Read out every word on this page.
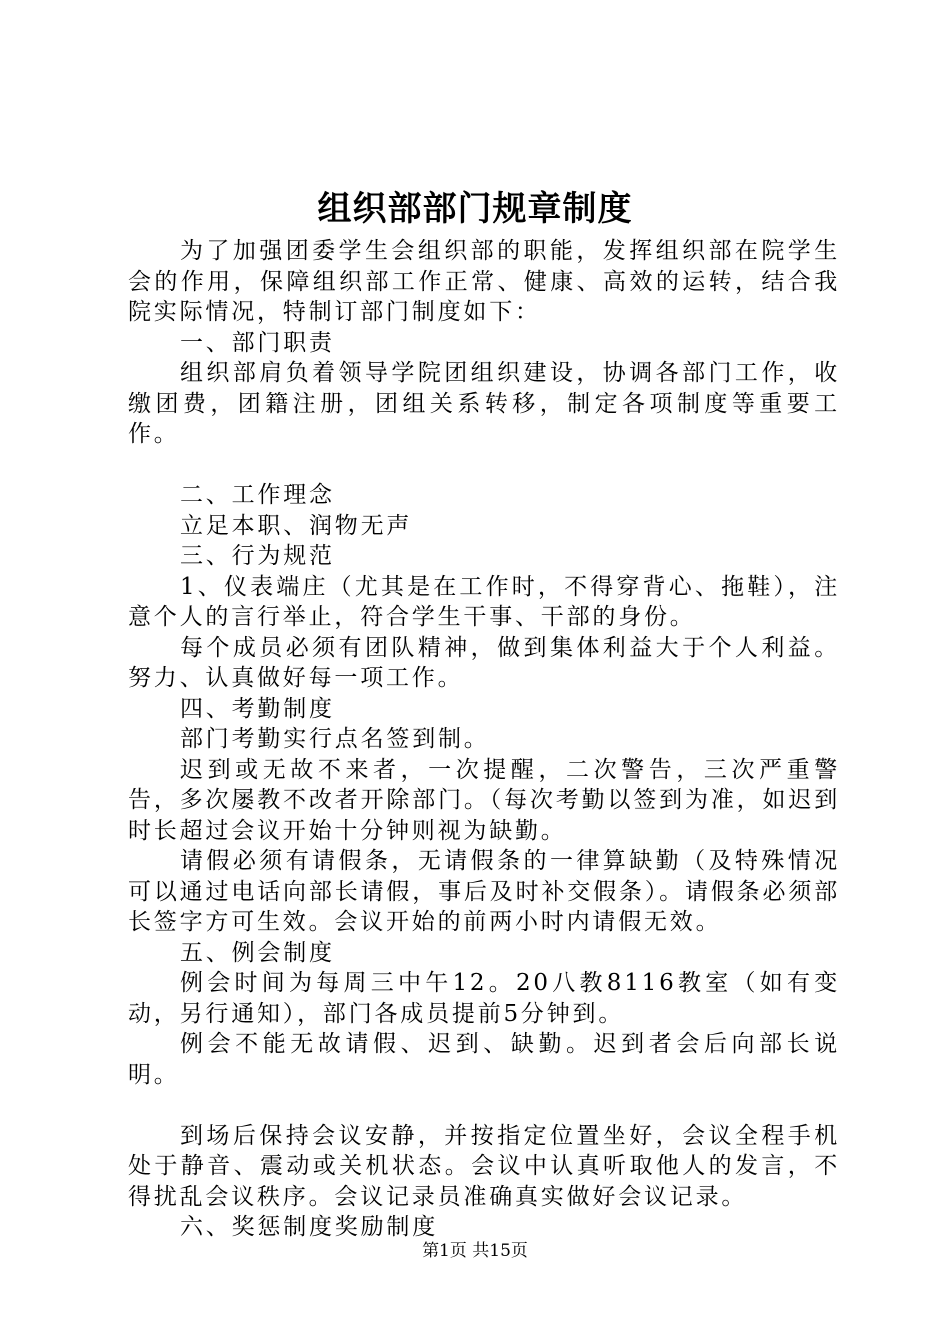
组织部部门规章制度

为了加强团委学生会组织部的职能，发挥组织部在院学生会的作用，保障组织部工作正常、健康、高效的运转，结合我院实际情况，特制订部门制度如下：

一、部门职责

组织部肩负着领导学院团组织建设，协调各部门工作，收缴团费，团籍注册，团组关系转移，制定各项制度等重要工作。

二、工作理念

立足本职、润物无声

三、行为规范

1、仪表端庄（尤其是在工作时，不得穿背心、拖鞋），注意个人的言行举止，符合学生干事、干部的身份。

每个成员必须有团队精神，做到集体利益大于个人利益。努力、认真做好每一项工作。

四、考勤制度

部门考勤实行点名签到制。

迟到或无故不来者，一次提醒，二次警告，三次严重警告，多次屡教不改者开除部门。（每次考勤以签到为准，如迟到时长超过会议开始十分钟则视为缺勤。

请假必须有请假条，无请假条的一律算缺勤（及特殊情况可以通过电话向部长请假，事后及时补交假条）。请假条必须部长签字方可生效。会议开始的前两小时内请假无效。

五、例会制度

例会时间为每周三中午12。20八教8116教室（如有变动，另行通知），部门各成员提前5分钟到。

例会不能无故请假、迟到、缺勤。迟到者会后向部长说明。

到场后保持会议安静，并按指定位置坐好，会议全程手机处于静音、震动或关机状态。会议中认真听取他人的发言，不得扰乱会议秩序。会议记录员准确真实做好会议记录。

六、奖惩制度奖励制度

第1页 共15页
